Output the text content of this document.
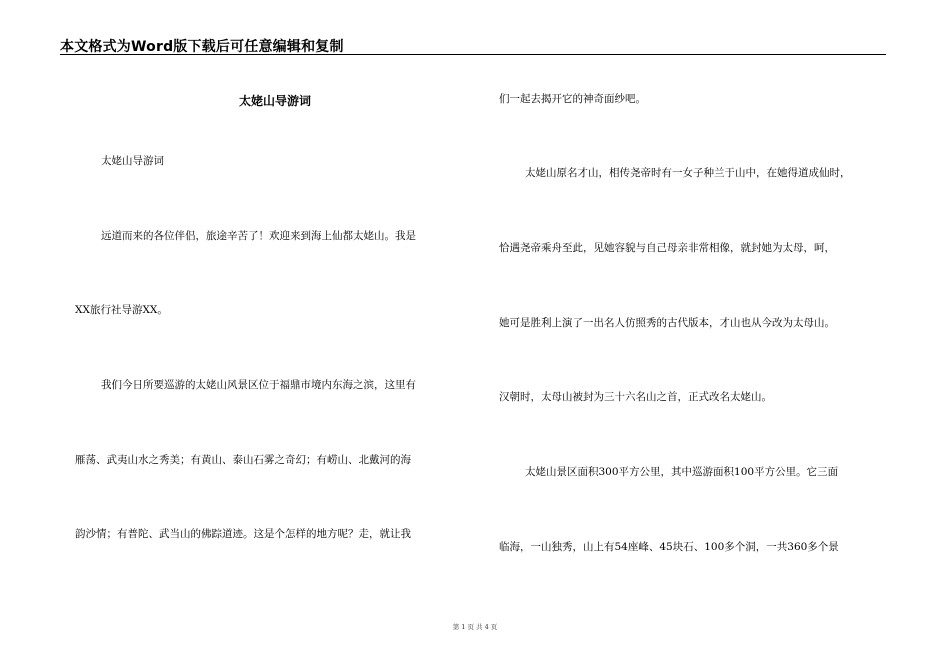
本文格式为Word版下载后可任意编辑和复制
太姥山导游词
太姥山导游词
远道而来的各位伴侣，旅途辛苦了！欢迎来到海上仙都太姥山。我是
XX旅行社导游XX。
我们今日所要巡游的太姥山风景区位于福鼎市境内东海之滨，这里有
雁荡、武夷山水之秀美；有黄山、泰山石雾之奇幻；有崂山、北戴河的海
韵沙情；有普陀、武当山的佛踪道迹。这是个怎样的地方呢？走，就让我
们一起去揭开它的神奇面纱吧。
太姥山原名才山，相传尧帝时有一女子种兰于山中，在她得道成仙时，
恰遇尧帝乘舟至此，见她容貌与自己母亲非常相像，就封她为太母，呵，
她可是胜利上演了一出名人仿照秀的古代版本，才山也从今改为太母山。
汉朝时，太母山被封为三十六名山之首，正式改名太姥山。
太姥山景区面积300平方公里，其中巡游面积100平方公里。它三面
临海，一山独秀，山上有54座峰、45块石、100多个洞，一共360多个景
第 1 页 共 4 页
